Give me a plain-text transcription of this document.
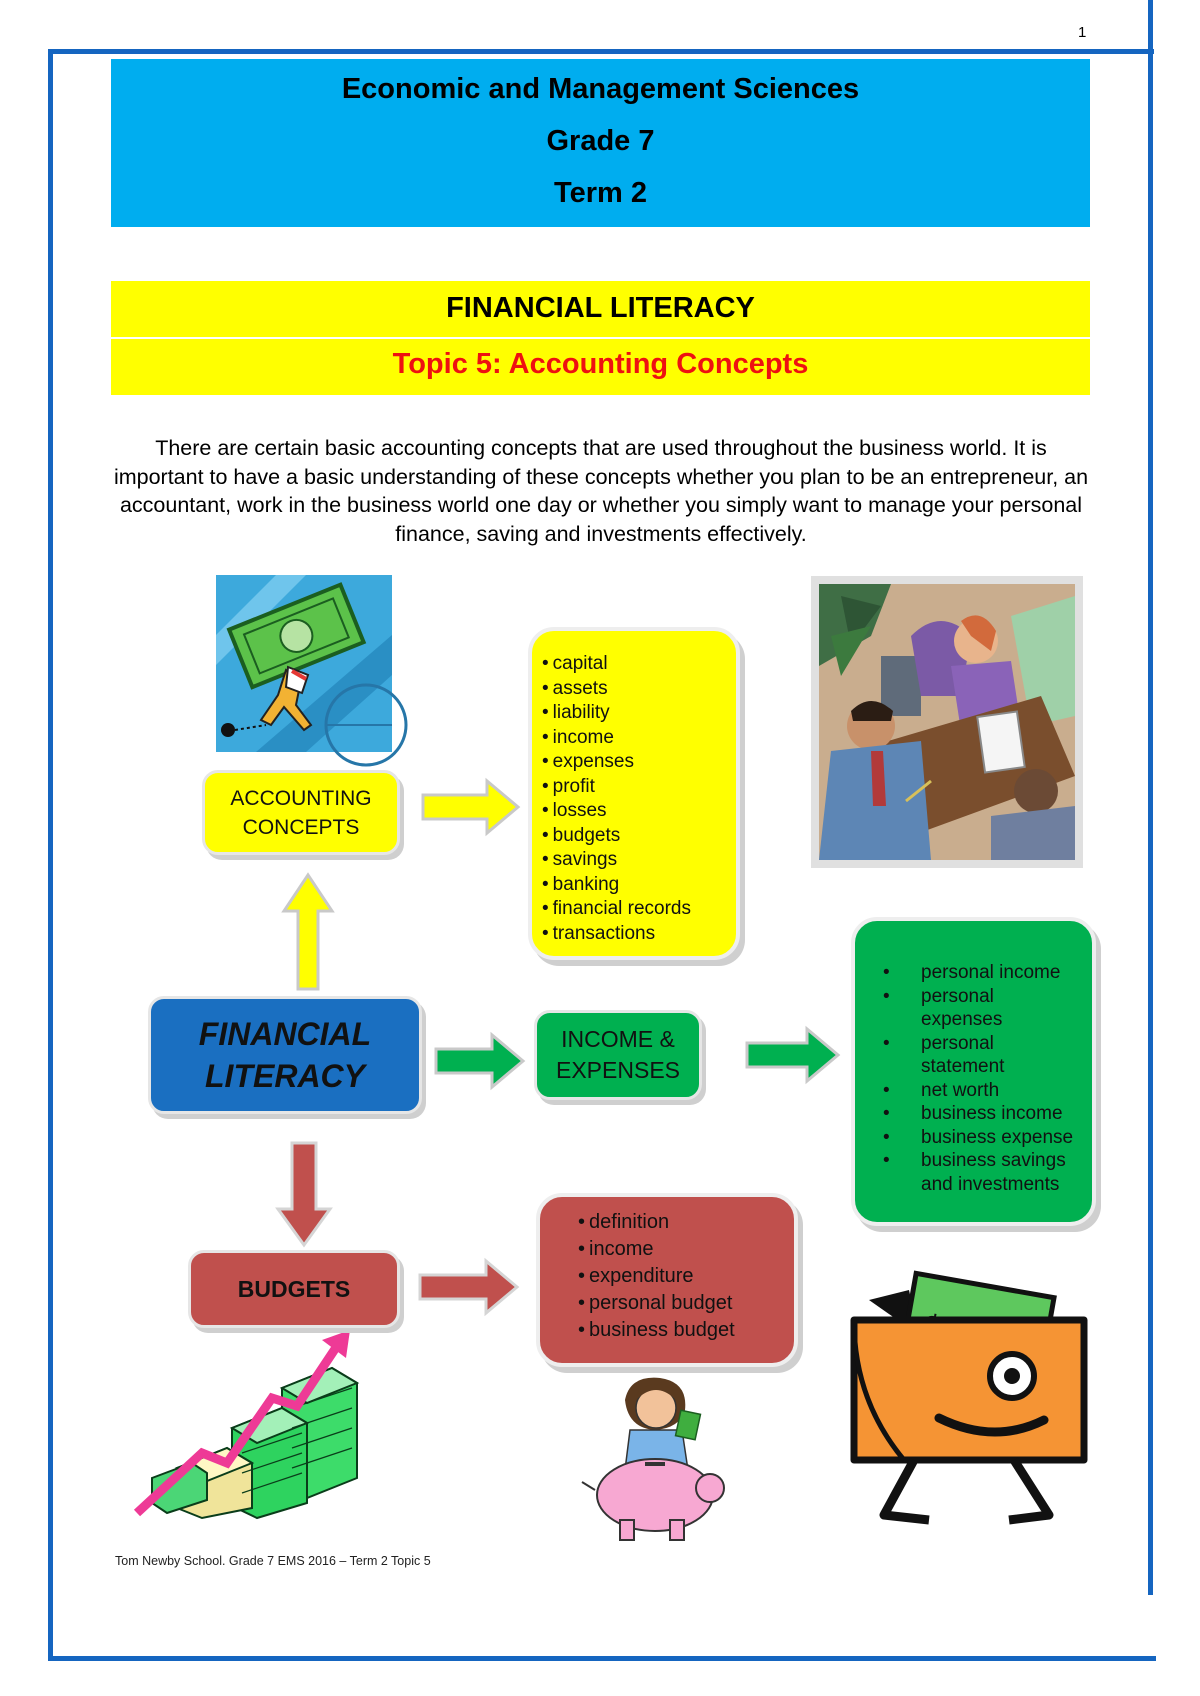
1
Economic and Management Sciences
Grade 7
Term 2
FINANCIAL LITERACY
Topic 5: Accounting Concepts
There are certain basic accounting concepts that are used throughout the business world. It is important to have a basic understanding of these concepts whether you plan to be an entrepreneur, an accountant, work in the business world one day or whether you simply want to manage your personal finance, saving and investments effectively.
ACCOUNTING
CONCEPTS
• capital
• assets
• liability
• income
• expenses
• profit
• losses
• budgets
• savings
• banking
• financial records
• transactions
FINANCIAL
LITERACY
INCOME &
EXPENSES
• personal income
• personal expenses
• personal statement
• net worth
• business income
• business expense
• business savings and investments
BUDGETS
• definition
• income
• expenditure
• personal budget
• business budget
Tom Newby School. Grade 7 EMS 2016 – Term 2 Topic 5
